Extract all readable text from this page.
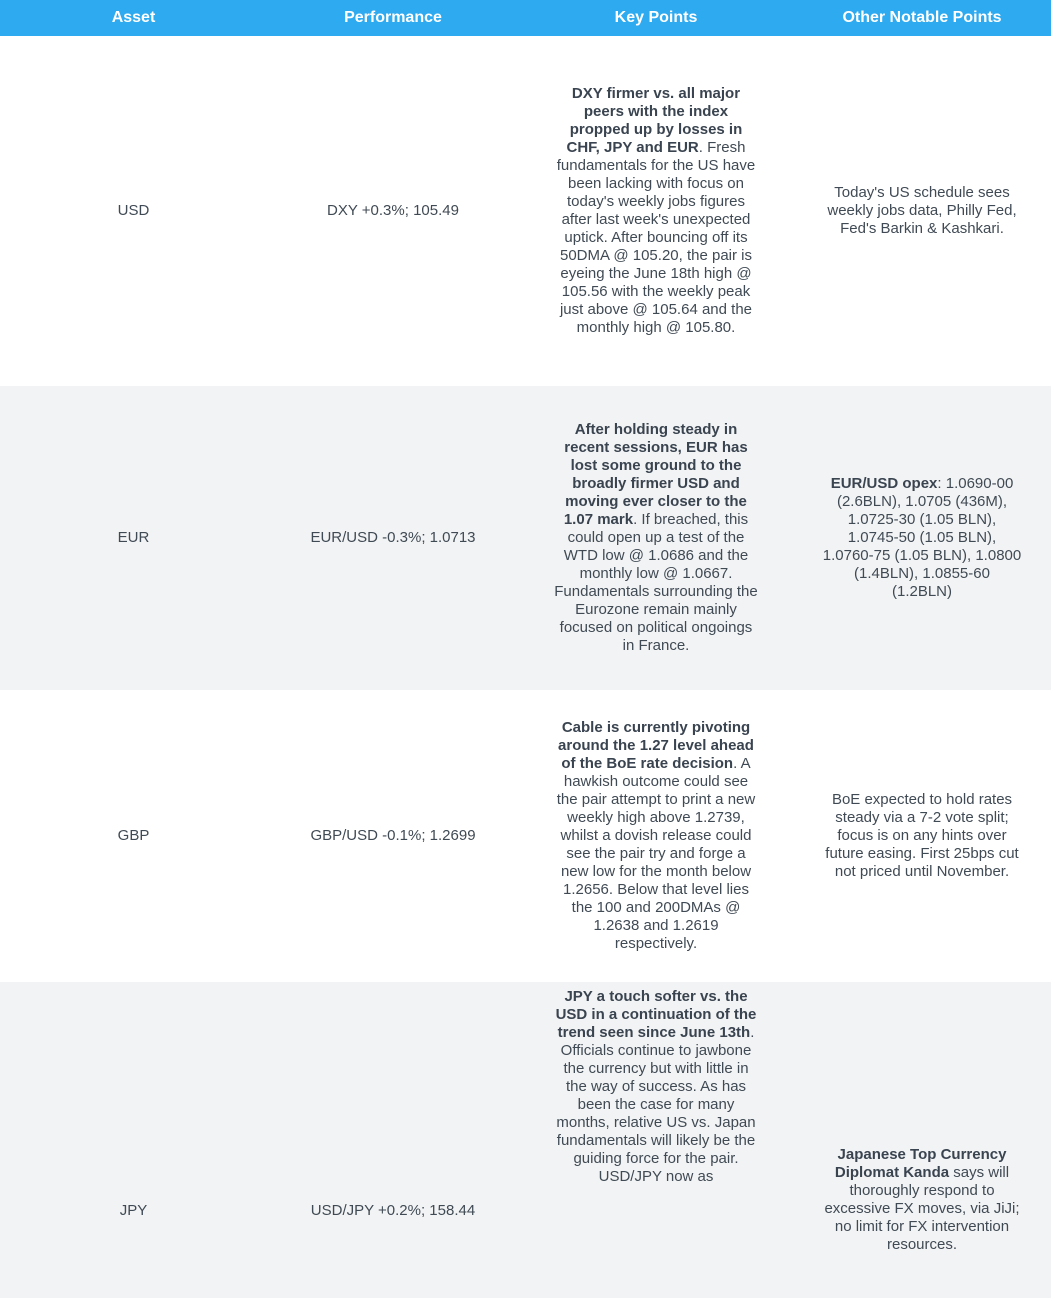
Asset	Performance	Key Points	Other Notable Points
USD	DXY +0.3%; 105.49	DXY firmer vs. all major peers with the index propped up by losses in CHF, JPY and EUR. Fresh fundamentals for the US have been lacking with focus on today's weekly jobs figures after last week's unexpected uptick. After bouncing off its 50DMA @ 105.20, the pair is eyeing the June 18th high @ 105.56 with the weekly peak just above @ 105.64 and the monthly high @ 105.80.	Today's US schedule sees weekly jobs data, Philly Fed, Fed's Barkin & Kashkari.

EUR	EUR/USD -0.3%; 1.0713	After holding steady in recent sessions, EUR has lost some ground to the broadly firmer USD and moving ever closer to the 1.07 mark. If breached, this could open up a test of the WTD low @ 1.0686 and the monthly low @ 1.0667. Fundamentals surrounding the Eurozone remain mainly focused on political ongoings in France.	EUR/USD opex: 1.0690-00 (2.6BLN), 1.0705 (436M), 1.0725-30 (1.05 BLN), 1.0745-50 (1.05 BLN), 1.0760-75 (1.05 BLN), 1.0800 (1.4BLN), 1.0855-60 (1.2BLN)

GBP	GBP/USD -0.1%; 1.2699	Cable is currently pivoting around the 1.27 level ahead of the BoE rate decision. A hawkish outcome could see the pair attempt to print a new weekly high above 1.2739, whilst a dovish release could see the pair try and forge a new low for the month below 1.2656. Below that level lies the 100 and 200DMAs @ 1.2638 and 1.2619 respectively.	BoE expected to hold rates steady via a 7-2 vote split; focus is on any hints over future easing. First 25bps cut not priced until November.

JPY	USD/JPY +0.2%; 158.44	JPY a touch softer vs. the USD in a continuation of the trend seen since June 13th. Officials continue to jawbone the currency but with little in the way of success. As has been the case for many months, relative US vs. Japan fundamentals will likely be the guiding force for the pair. USD/JPY now as	Japanese Top Currency Diplomat Kanda says will thoroughly respond to excessive FX moves, via JiJi; no limit for FX intervention resources.
